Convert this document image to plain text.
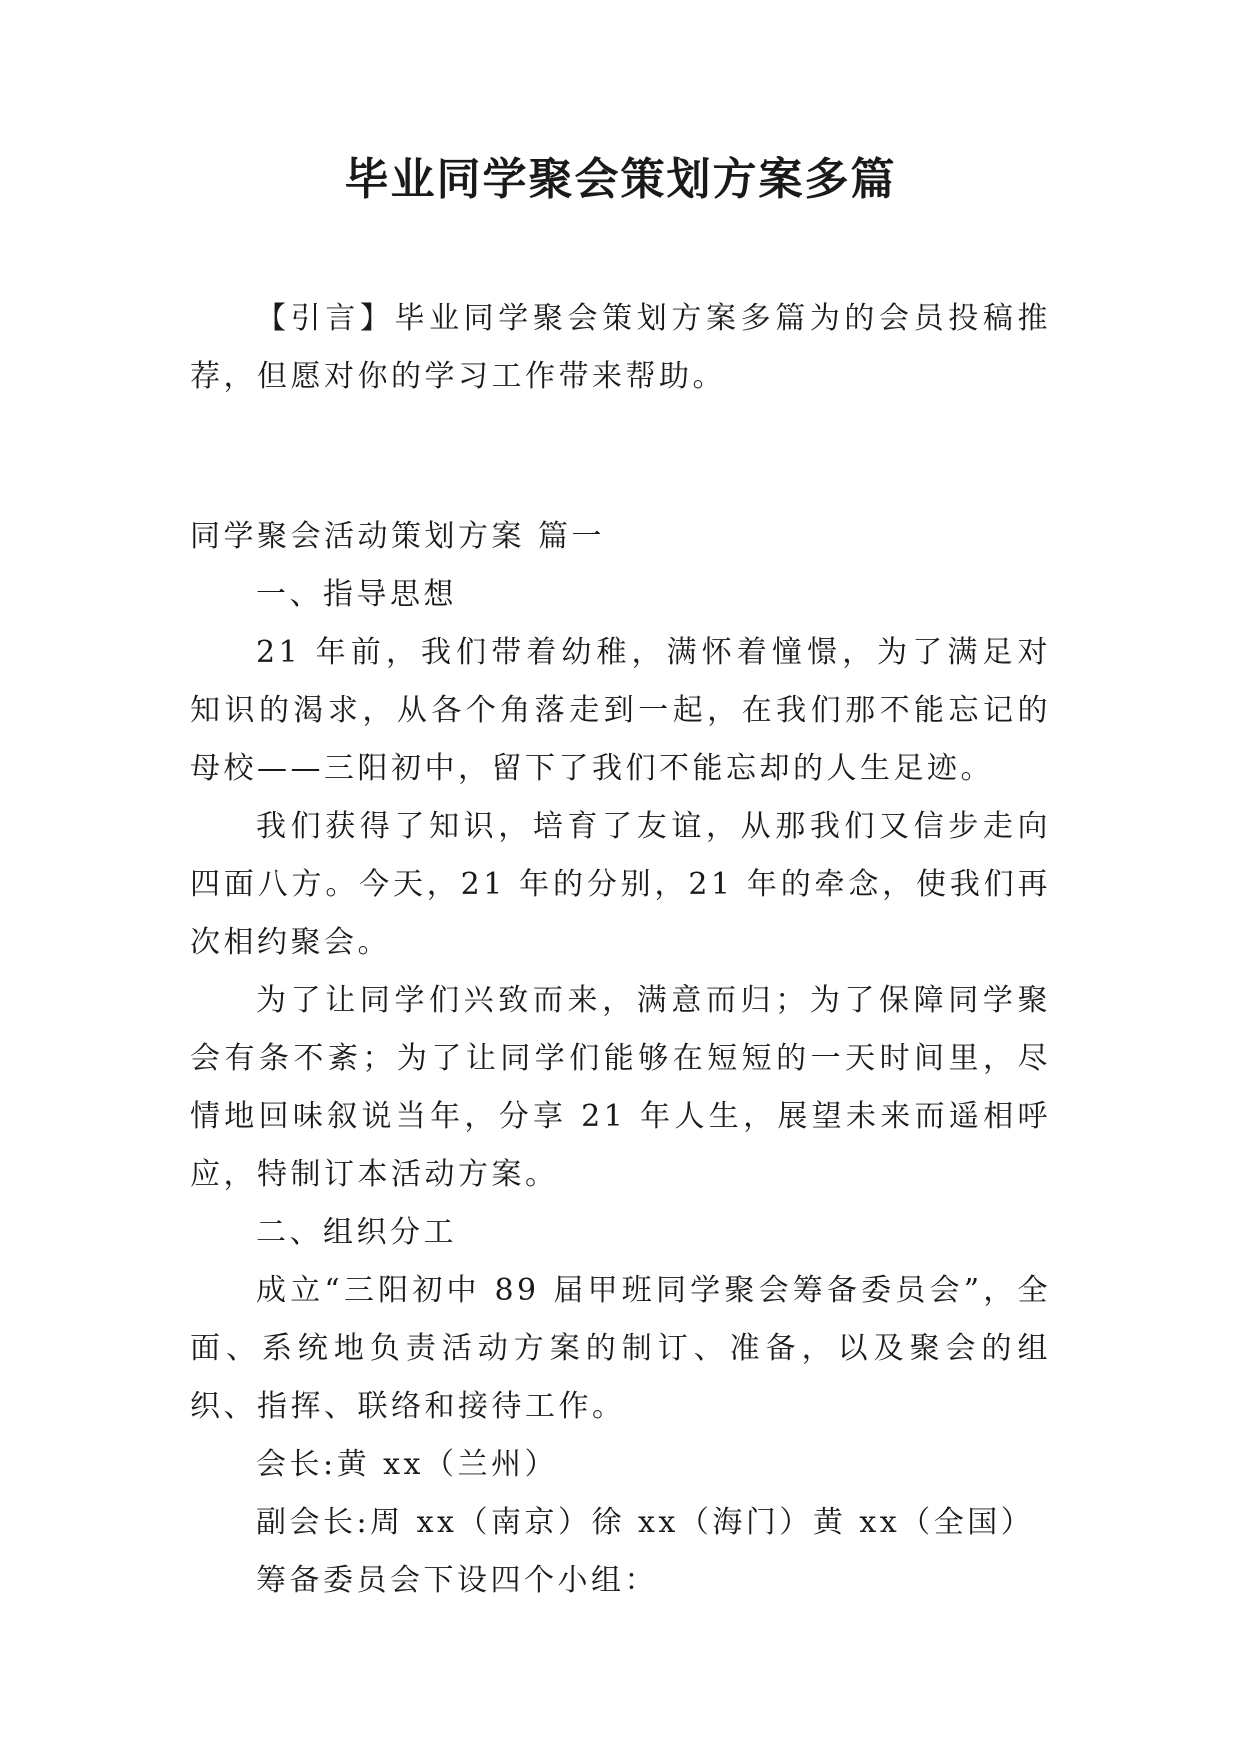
毕业同学聚会策划方案多篇

【引言】毕业同学聚会策划方案多篇为的会员投稿推荐，但愿对你的学习工作带来帮助。

同学聚会活动策划方案 篇一

一、指导思想

21 年前，我们带着幼稚，满怀着憧憬，为了满足对知识的渴求，从各个角落走到一起，在我们那不能忘记的母校——三阳初中，留下了我们不能忘却的人生足迹。

我们获得了知识，培育了友谊，从那我们又信步走向四面八方。今天，21 年的分别，21 年的牵念，使我们再次相约聚会。

为了让同学们兴致而来，满意而归；为了保障同学聚会有条不紊；为了让同学们能够在短短的一天时间里，尽情地回味叙说当年，分享 21 年人生，展望未来而遥相呼应，特制订本活动方案。

二、组织分工

成立“三阳初中 89 届甲班同学聚会筹备委员会”，全面、系统地负责活动方案的制订、准备，以及聚会的组织、指挥、联络和接待工作。

会长:黄 xx（兰州）

副会长:周 xx（南京）徐 xx（海门）黄 xx（全国）

筹备委员会下设四个小组：
